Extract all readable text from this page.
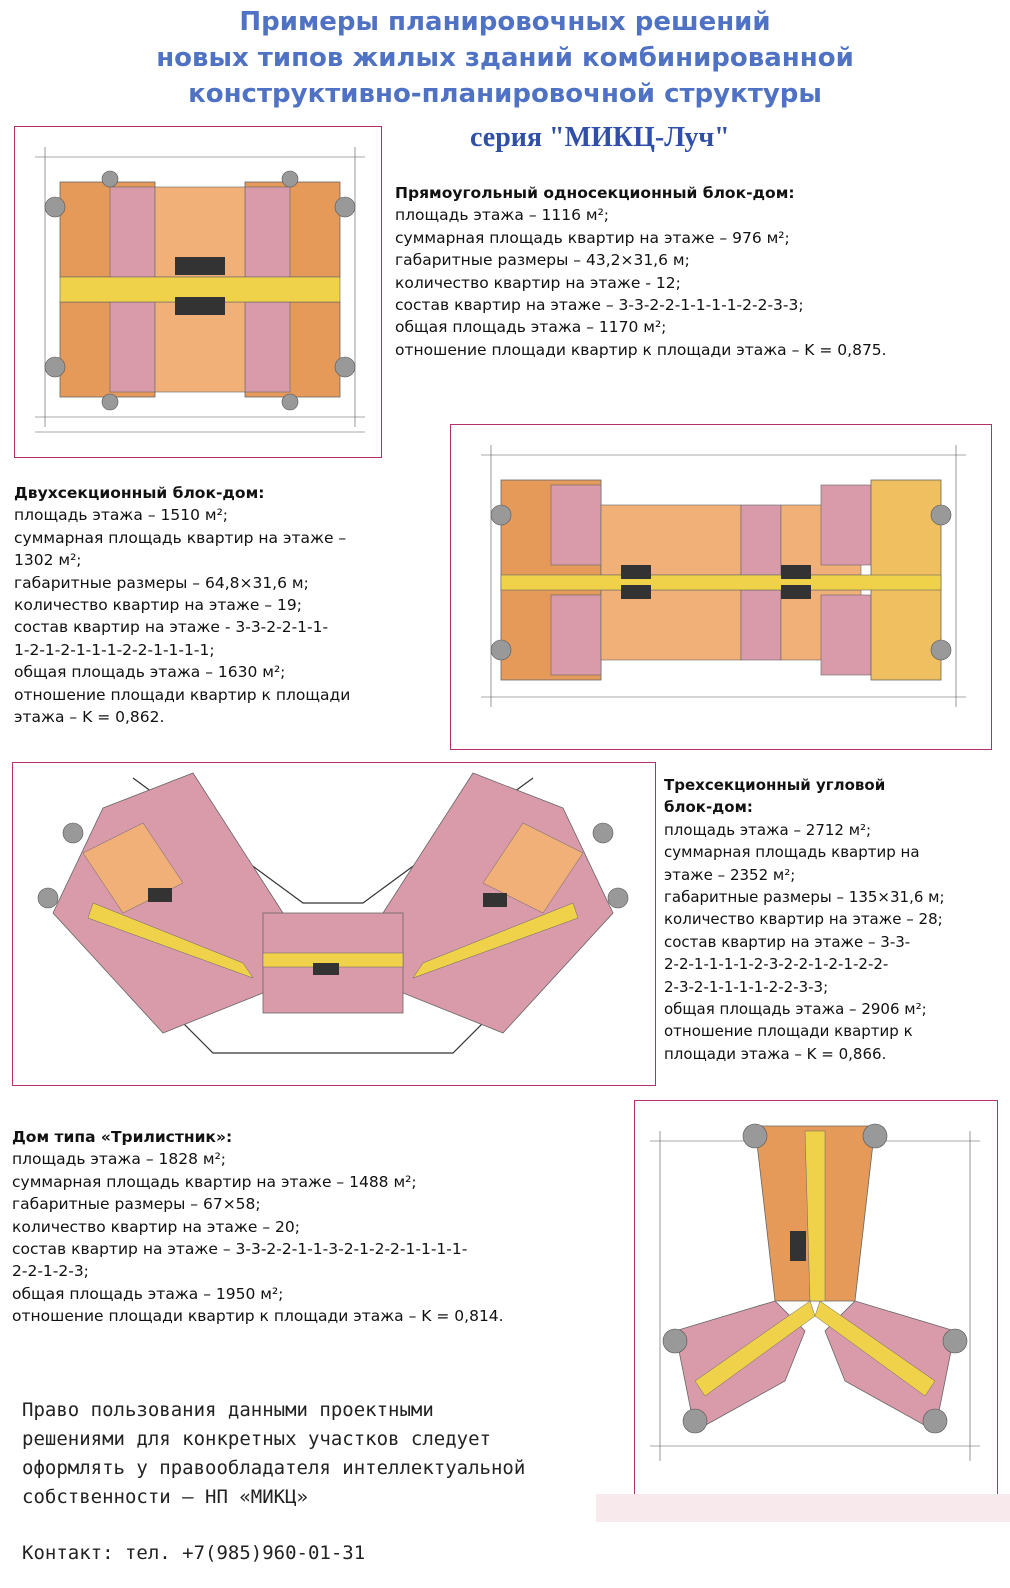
Примеры планировочных решений
новых типов жилых зданий комбинированной
конструктивно-планировочной структуры
серия "МИКЦ-Луч"
Прямоугольный односекционный блок-дом:
площадь этажа – 1116 м²;
суммарная площадь квартир на этаже – 976 м²;
габаритные размеры – 43,2×31,6 м;
количество квартир на этаже - 12;
состав квартир на этаже – 3-3-2-2-1-1-1-1-2-2-3-3;
общая площадь этажа – 1170 м²;
отношение площади квартир к площади этажа – K = 0,875.
Двухсекционный блок-дом:
площадь этажа – 1510 м²;
суммарная площадь квартир на этаже –
1302 м²;
габаритные размеры – 64,8×31,6 м;
количество квартир на этаже – 19;
состав квартир на этаже - 3-3-2-2-1-1-
1-2-1-2-1-1-1-2-2-1-1-1-1;
общая площадь этажа – 1630 м²;
отношение площади квартир к площади
этажа – K = 0,862.
Трехсекционный угловой
блок-дом:
площадь этажа – 2712 м²;
суммарная площадь квартир на
этаже – 2352 м²;
габаритные размеры – 135×31,6 м;
количество квартир на этаже – 28;
состав квартир на этаже – 3-3-
2-2-1-1-1-1-2-3-2-2-1-2-1-2-2-
2-3-2-1-1-1-1-2-2-3-3;
общая площадь этажа – 2906 м²;
отношение площади квартир к
площади этажа – K = 0,866.
Дом типа «Трилистник»:
площадь этажа – 1828 м²;
суммарная площадь квартир на этаже – 1488 м²;
габаритные размеры – 67×58;
количество квартир на этаже – 20;
состав квартир на этаже – 3-3-2-2-1-1-3-2-1-2-2-1-1-1-1-
2-2-1-2-3;
общая площадь этажа – 1950 м²;
отношение площади квартир к площади этажа – K = 0,814.
Право пользования данными проектными
решениями для конкретных участков следует
оформлять у правообладателя интеллектуальной
собственности – НП «МИКЦ»
Контакт: тел. +7(985)960-01-31
